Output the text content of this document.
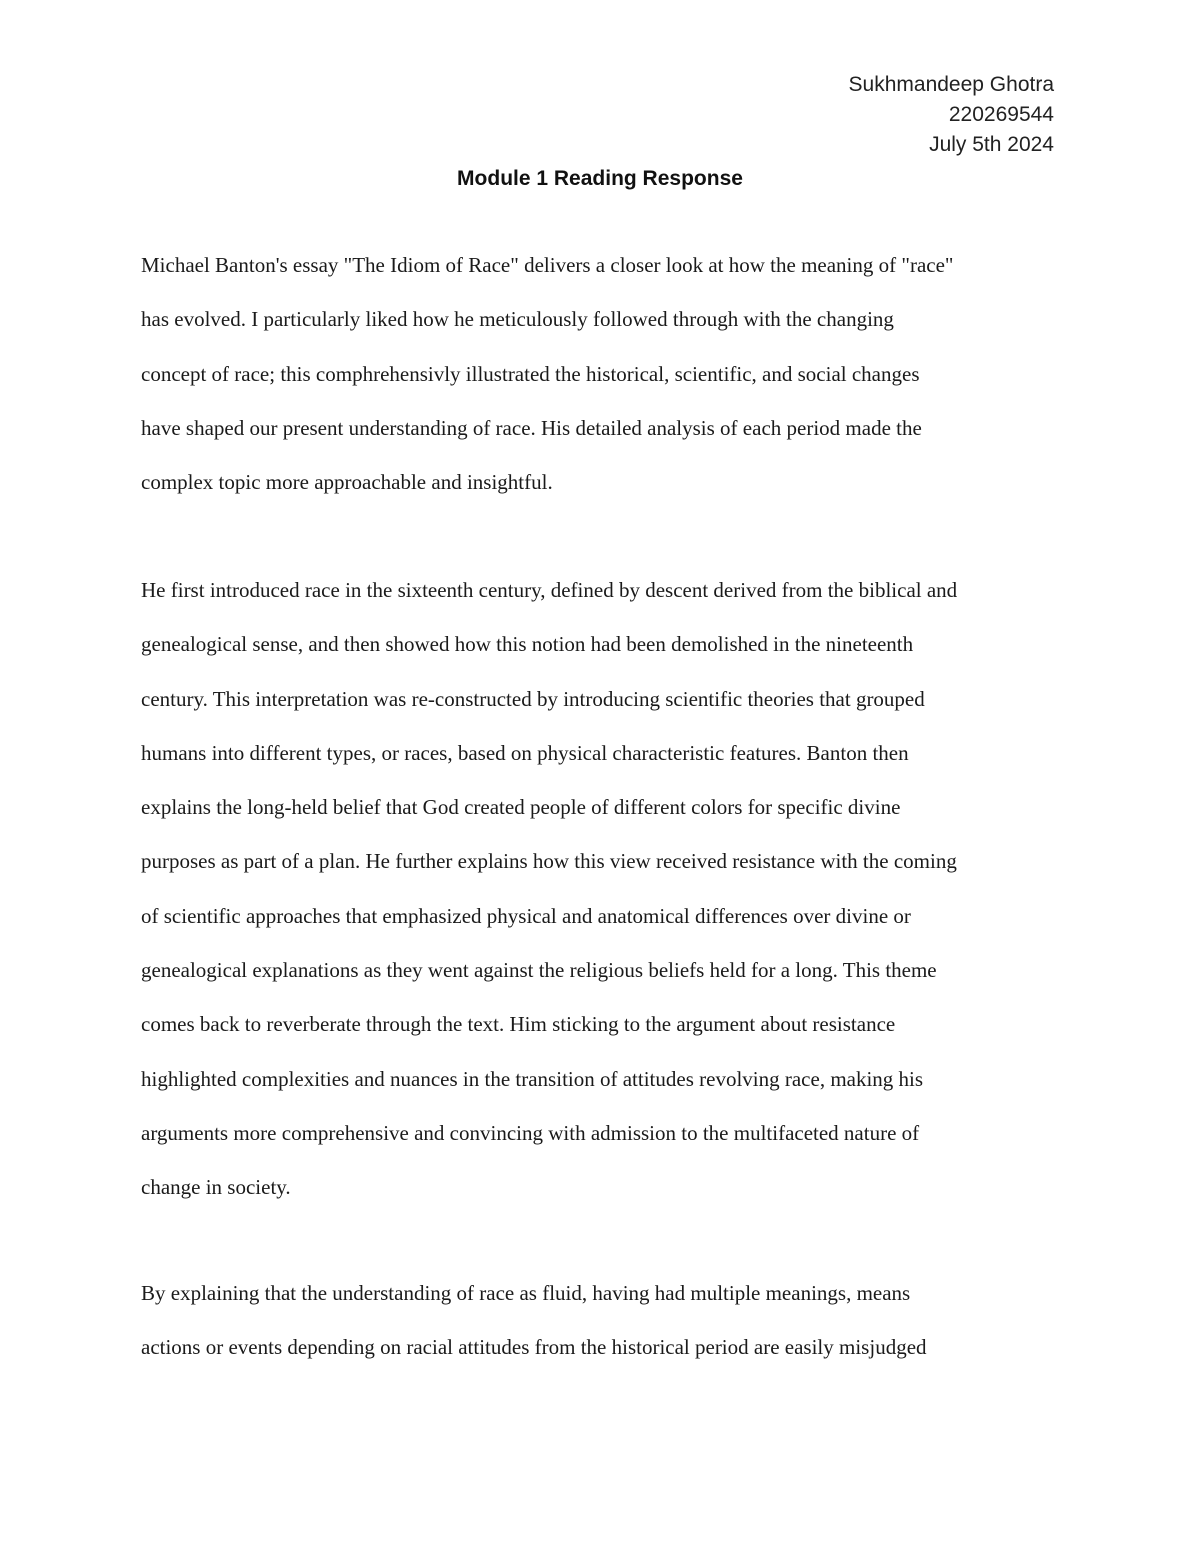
Sukhmandeep Ghotra
220269544
July 5th 2024
Module 1 Reading Response
Michael Banton's essay "The Idiom of Race" delivers a closer look at how the meaning of "race"
has evolved. I particularly liked how he meticulously followed through with the changing
concept of race; this comphrehensivly illustrated the historical, scientific, and social changes
have shaped our present understanding of race. His detailed analysis of each period made the
complex topic more approachable and insightful.
He first introduced race in the sixteenth century, defined by descent derived from the biblical and
genealogical sense, and then showed how this notion had been demolished in the nineteenth
century. This interpretation was re-constructed by introducing scientific theories that grouped
humans into different types, or races, based on physical characteristic features. Banton then
explains the long-held belief that God created people of different colors for specific divine
purposes as part of a plan. He further explains how this view received resistance with the coming
of scientific approaches that emphasized physical and anatomical differences over divine or
genealogical explanations as they went against the religious beliefs held for a long. This theme
comes back to reverberate through the text. Him sticking to the argument about resistance
highlighted complexities and nuances in the transition of attitudes revolving race, making his
arguments more comprehensive and convincing with admission to the multifaceted nature of
change in society.
By explaining that the understanding of race as fluid, having had multiple meanings, means
actions or events depending on racial attitudes from the historical period are easily misjudged
